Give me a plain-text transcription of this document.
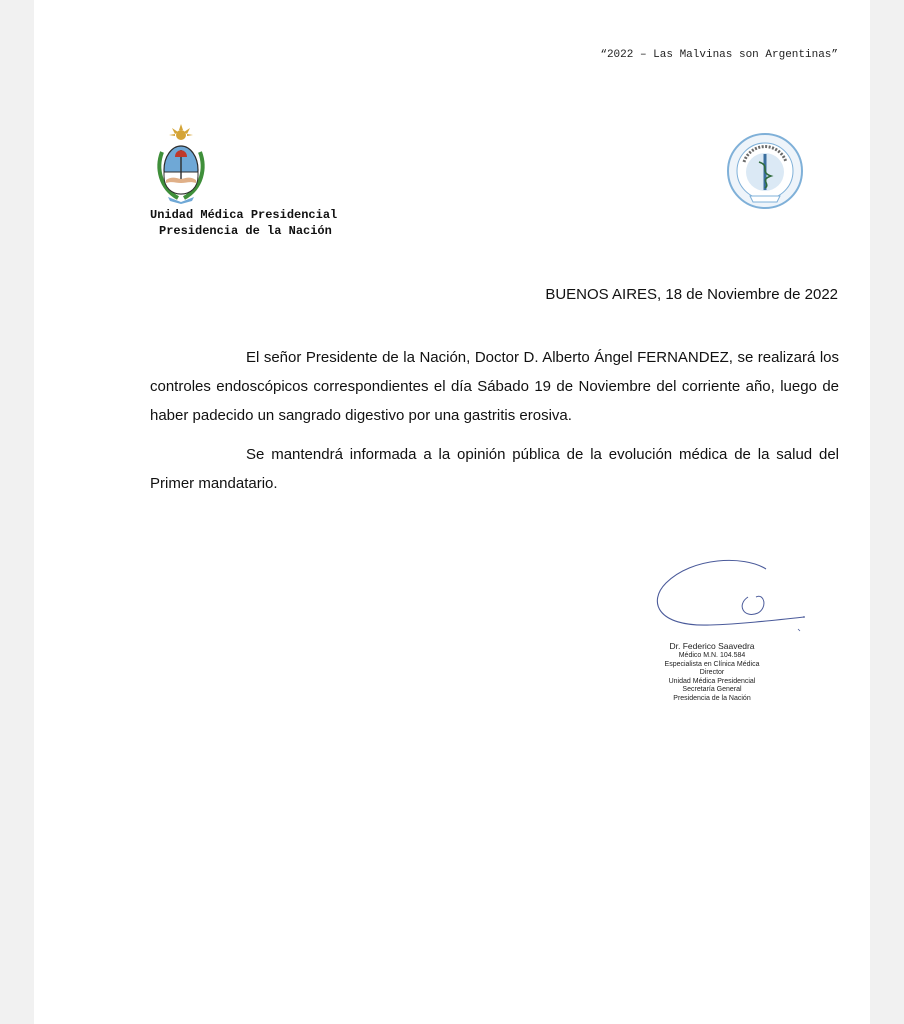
“2022 – Las Malvinas son Argentinas”
Unidad Médica Presidencial
Presidencia de la Nación
BUENOS AIRES, 18 de Noviembre de 2022

El señor Presidente de la Nación, Doctor D. Alberto Ángel FERNANDEZ, se realizará los controles endoscópicos correspondientes el día Sábado 19 de Noviembre del corriente año, luego de haber padecido un sangrado digestivo por una gastritis erosiva.

Se mantendrá informada a la opinión pública de la evolución médica de la salud del Primer mandatario.

Dr. Federico Saavedra
Médico M.N. 104.584
Especialista en Clínica Médica
Director
Unidad Médica Presidencial
Secretaría General
Presidencia de la Nación
